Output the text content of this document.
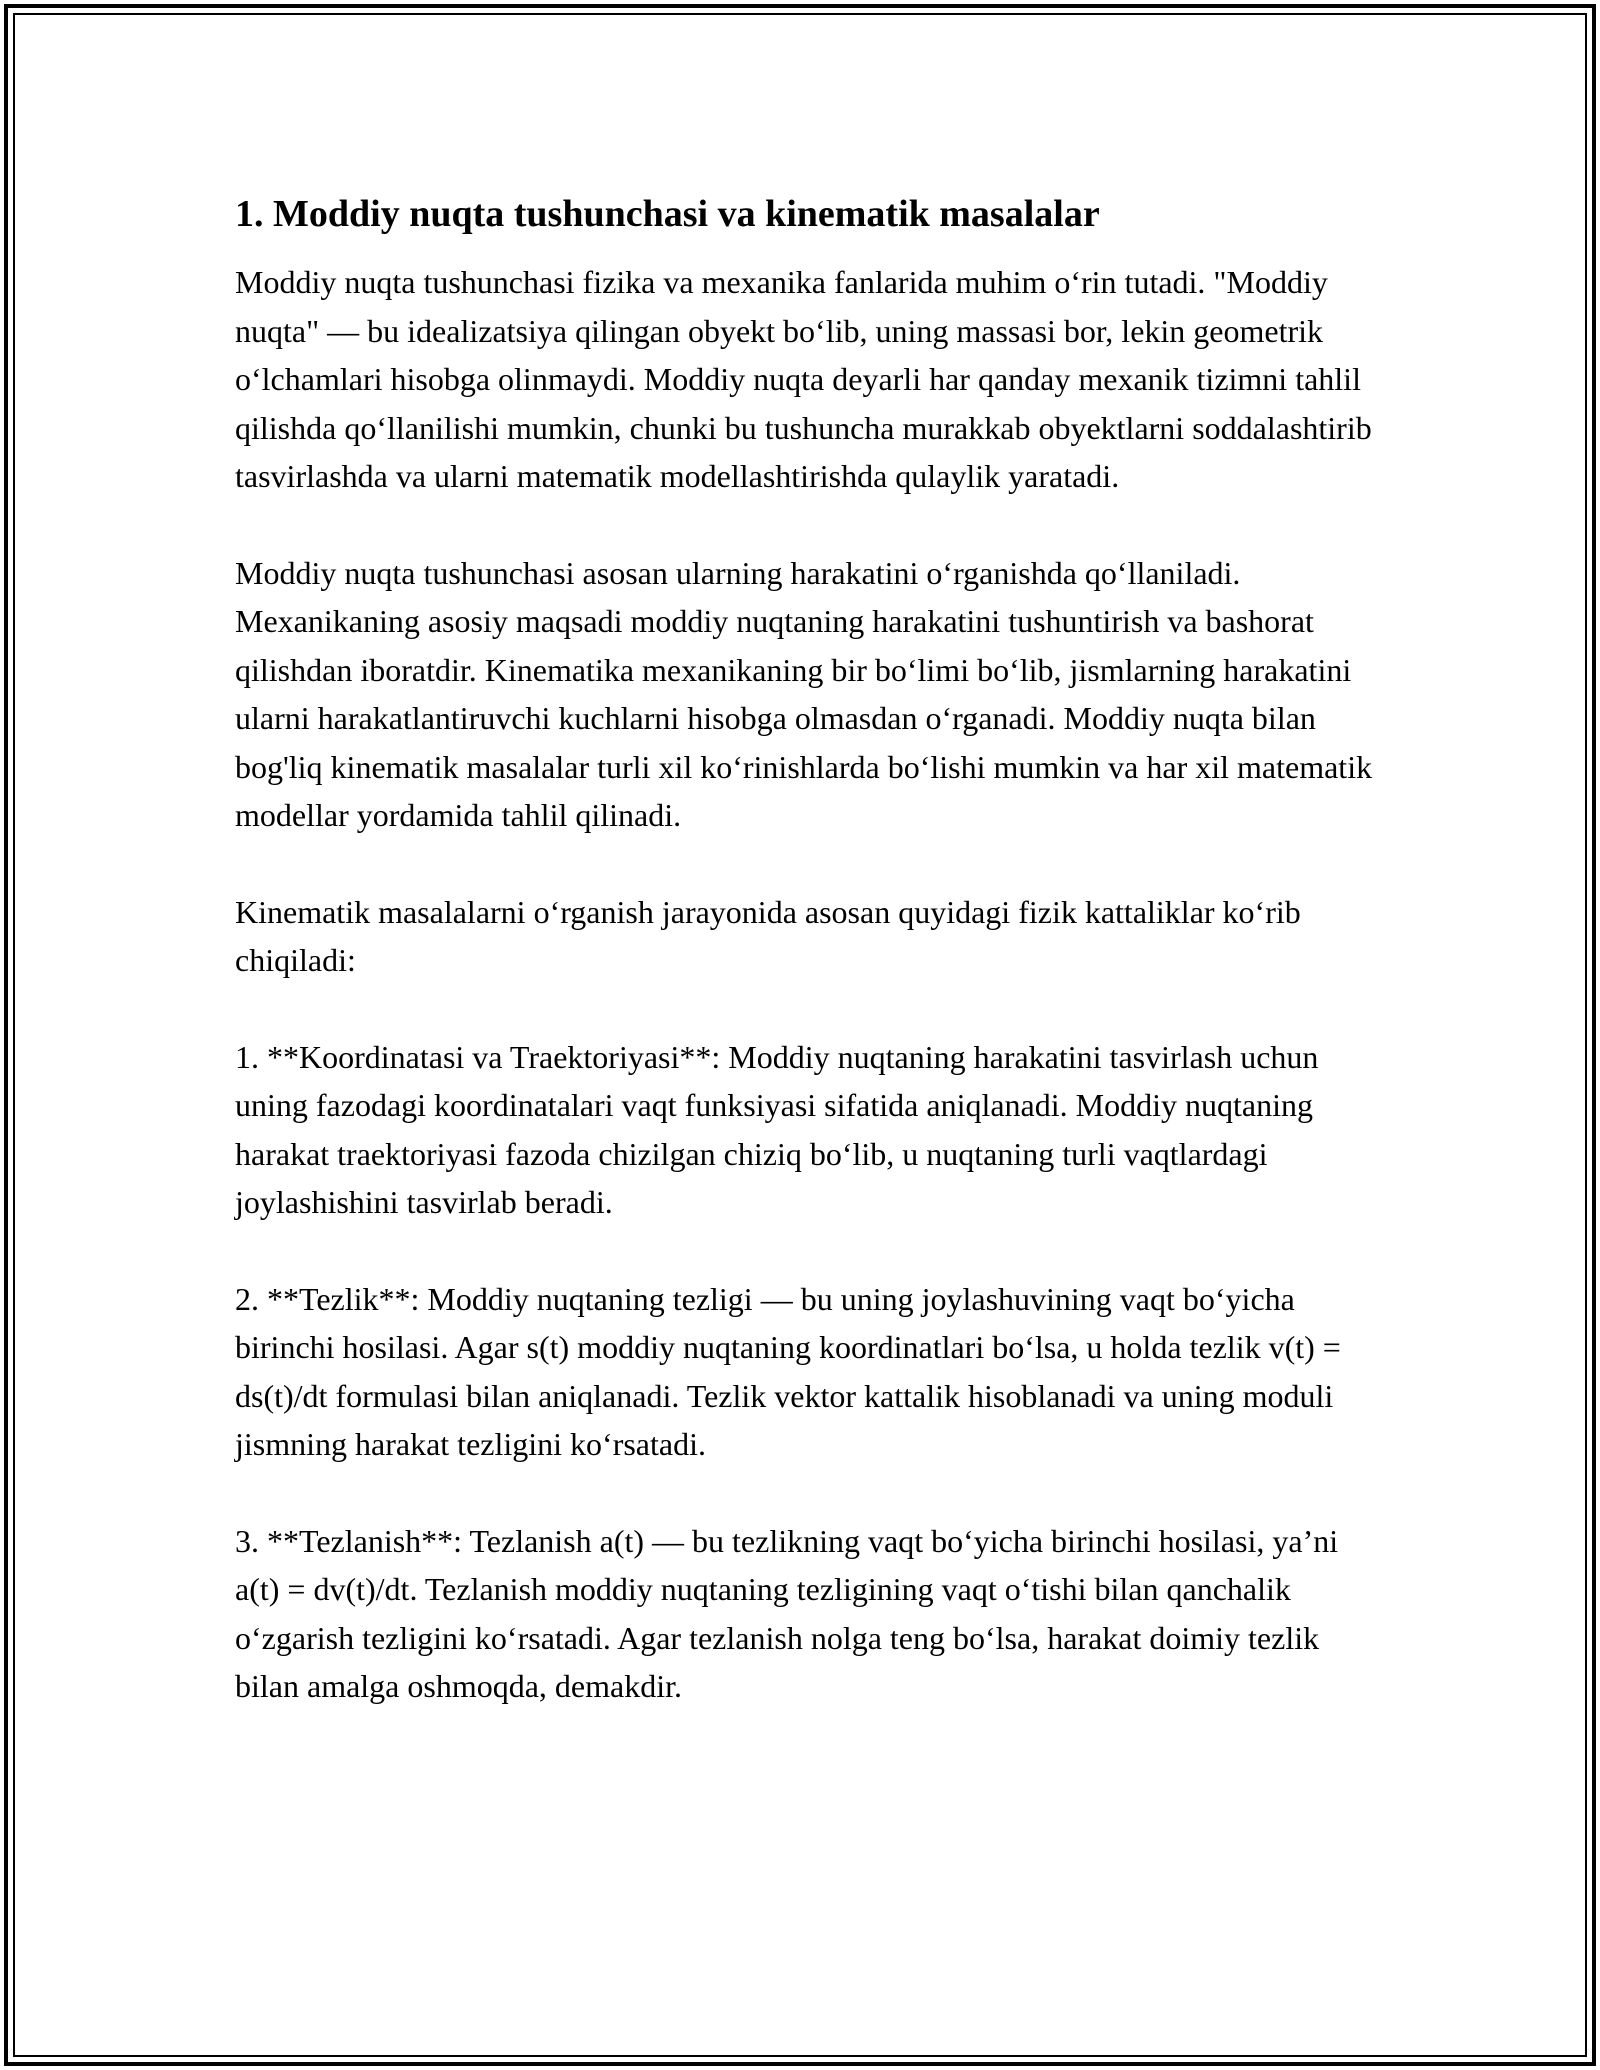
1. Moddiy nuqta tushunchasi va kinematik masalalar

Moddiy nuqta tushunchasi fizika va mexanika fanlarida muhim o‘rin tutadi. "Moddiy nuqta" — bu idealizatsiya qilingan obyekt bo‘lib, uning massasi bor, lekin geometrik o‘lchamlari hisobga olinmaydi. Moddiy nuqta deyarli har qanday mexanik tizimni tahlil qilishda qo‘llanilishi mumkin, chunki bu tushuncha murakkab obyektlarni soddalashtirib tasvirlashda va ularni matematik modellashtirishda qulaylik yaratadi.

Moddiy nuqta tushunchasi asosan ularning harakatini o‘rganishda qo‘llaniladi. Mexanikaning asosiy maqsadi moddiy nuqtaning harakatini tushuntirish va bashorat qilishdan iboratdir. Kinematika mexanikaning bir bo‘limi bo‘lib, jismlarning harakatini ularni harakatlantiruvchi kuchlarni hisobga olmasdan o‘rganadi. Moddiy nuqta bilan bog'liq kinematik masalalar turli xil ko‘rinishlarda bo‘lishi mumkin va har xil matematik modellar yordamida tahlil qilinadi.

Kinematik masalalarni o‘rganish jarayonida asosan quyidagi fizik kattaliklar ko‘rib chiqiladi:

1. **Koordinatasi va Traektoriyasi**: Moddiy nuqtaning harakatini tasvirlash uchun uning fazodagi koordinatalari vaqt funksiyasi sifatida aniqlanadi. Moddiy nuqtaning harakat traektoriyasi fazoda chizilgan chiziq bo‘lib, u nuqtaning turli vaqtlardagi joylashishini tasvirlab beradi.

2. **Tezlik**: Moddiy nuqtaning tezligi — bu uning joylashuvining vaqt bo‘yicha birinchi hosilasi. Agar s(t) moddiy nuqtaning koordinatlari bo‘lsa, u holda tezlik v(t) = ds(t)/dt formulasi bilan aniqlanadi. Tezlik vektor kattalik hisoblanadi va uning moduli jismning harakat tezligini ko‘rsatadi.

3. **Tezlanish**: Tezlanish a(t) — bu tezlikning vaqt bo‘yicha birinchi hosilasi, ya’ni a(t) = dv(t)/dt. Tezlanish moddiy nuqtaning tezligining vaqt o‘tishi bilan qanchalik o‘zgarish tezligini ko‘rsatadi. Agar tezlanish nolga teng bo‘lsa, harakat doimiy tezlik bilan amalga oshmoqda, demakdir.
